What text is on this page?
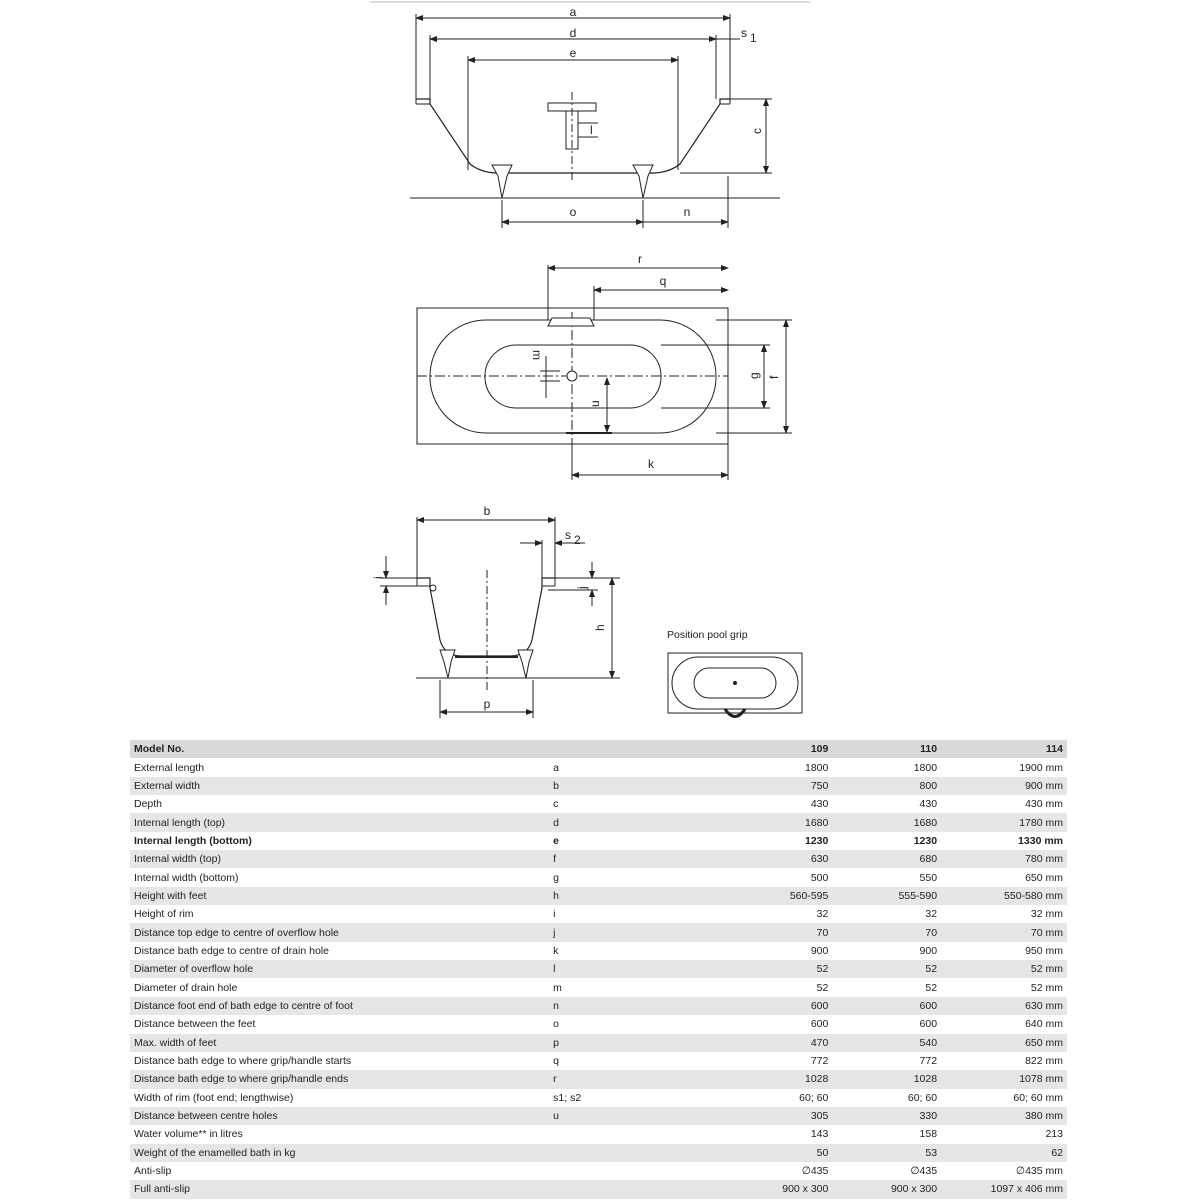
a
d
e
s 1
c
l
o	n
r
q
m
g f
u
k
b
s 2
i
j
h
p
Position pool grip
Model No.		109	110	114
External length	a	1800	1800	1900 mm
External width	b	750	800	900 mm
Depth	c	430	430	430 mm
Internal length (top)	d	1680	1680	1780 mm
Internal length (bottom)	e	1230	1230	1330 mm
Internal width (top)	f	630	680	780 mm
Internal width (bottom)	g	500	550	650 mm
Height with feet	h	560-595	555-590	550-580 mm
Height of rim	i	32	32	32 mm
Distance top edge to centre of overflow hole	j	70	70	70 mm
Distance bath edge to centre of drain hole	k	900	900	950 mm
Diameter of overflow hole	l	52	52	52 mm
Diameter of drain hole	m	52	52	52 mm
Distance foot end of bath edge to centre of foot	n	600	600	630 mm
Distance between the feet	o	600	600	640 mm
Max. width of feet	p	470	540	650 mm
Distance bath edge to where grip/handle starts	q	772	772	822 mm
Distance bath edge to where grip/handle ends	r	1028	1028	1078 mm
Width of rim (foot end; lengthwise)	s1; s2	60; 60	60; 60	60; 60 mm
Distance between centre holes	u	305	330	380 mm
Water volume** in litres		143	158	213
Weight of the enamelled bath in kg		50	53	62
Anti-slip		∅435	∅435	∅435 mm
Full anti-slip		900 x 300	900 x 300	1097 x 406 mm
